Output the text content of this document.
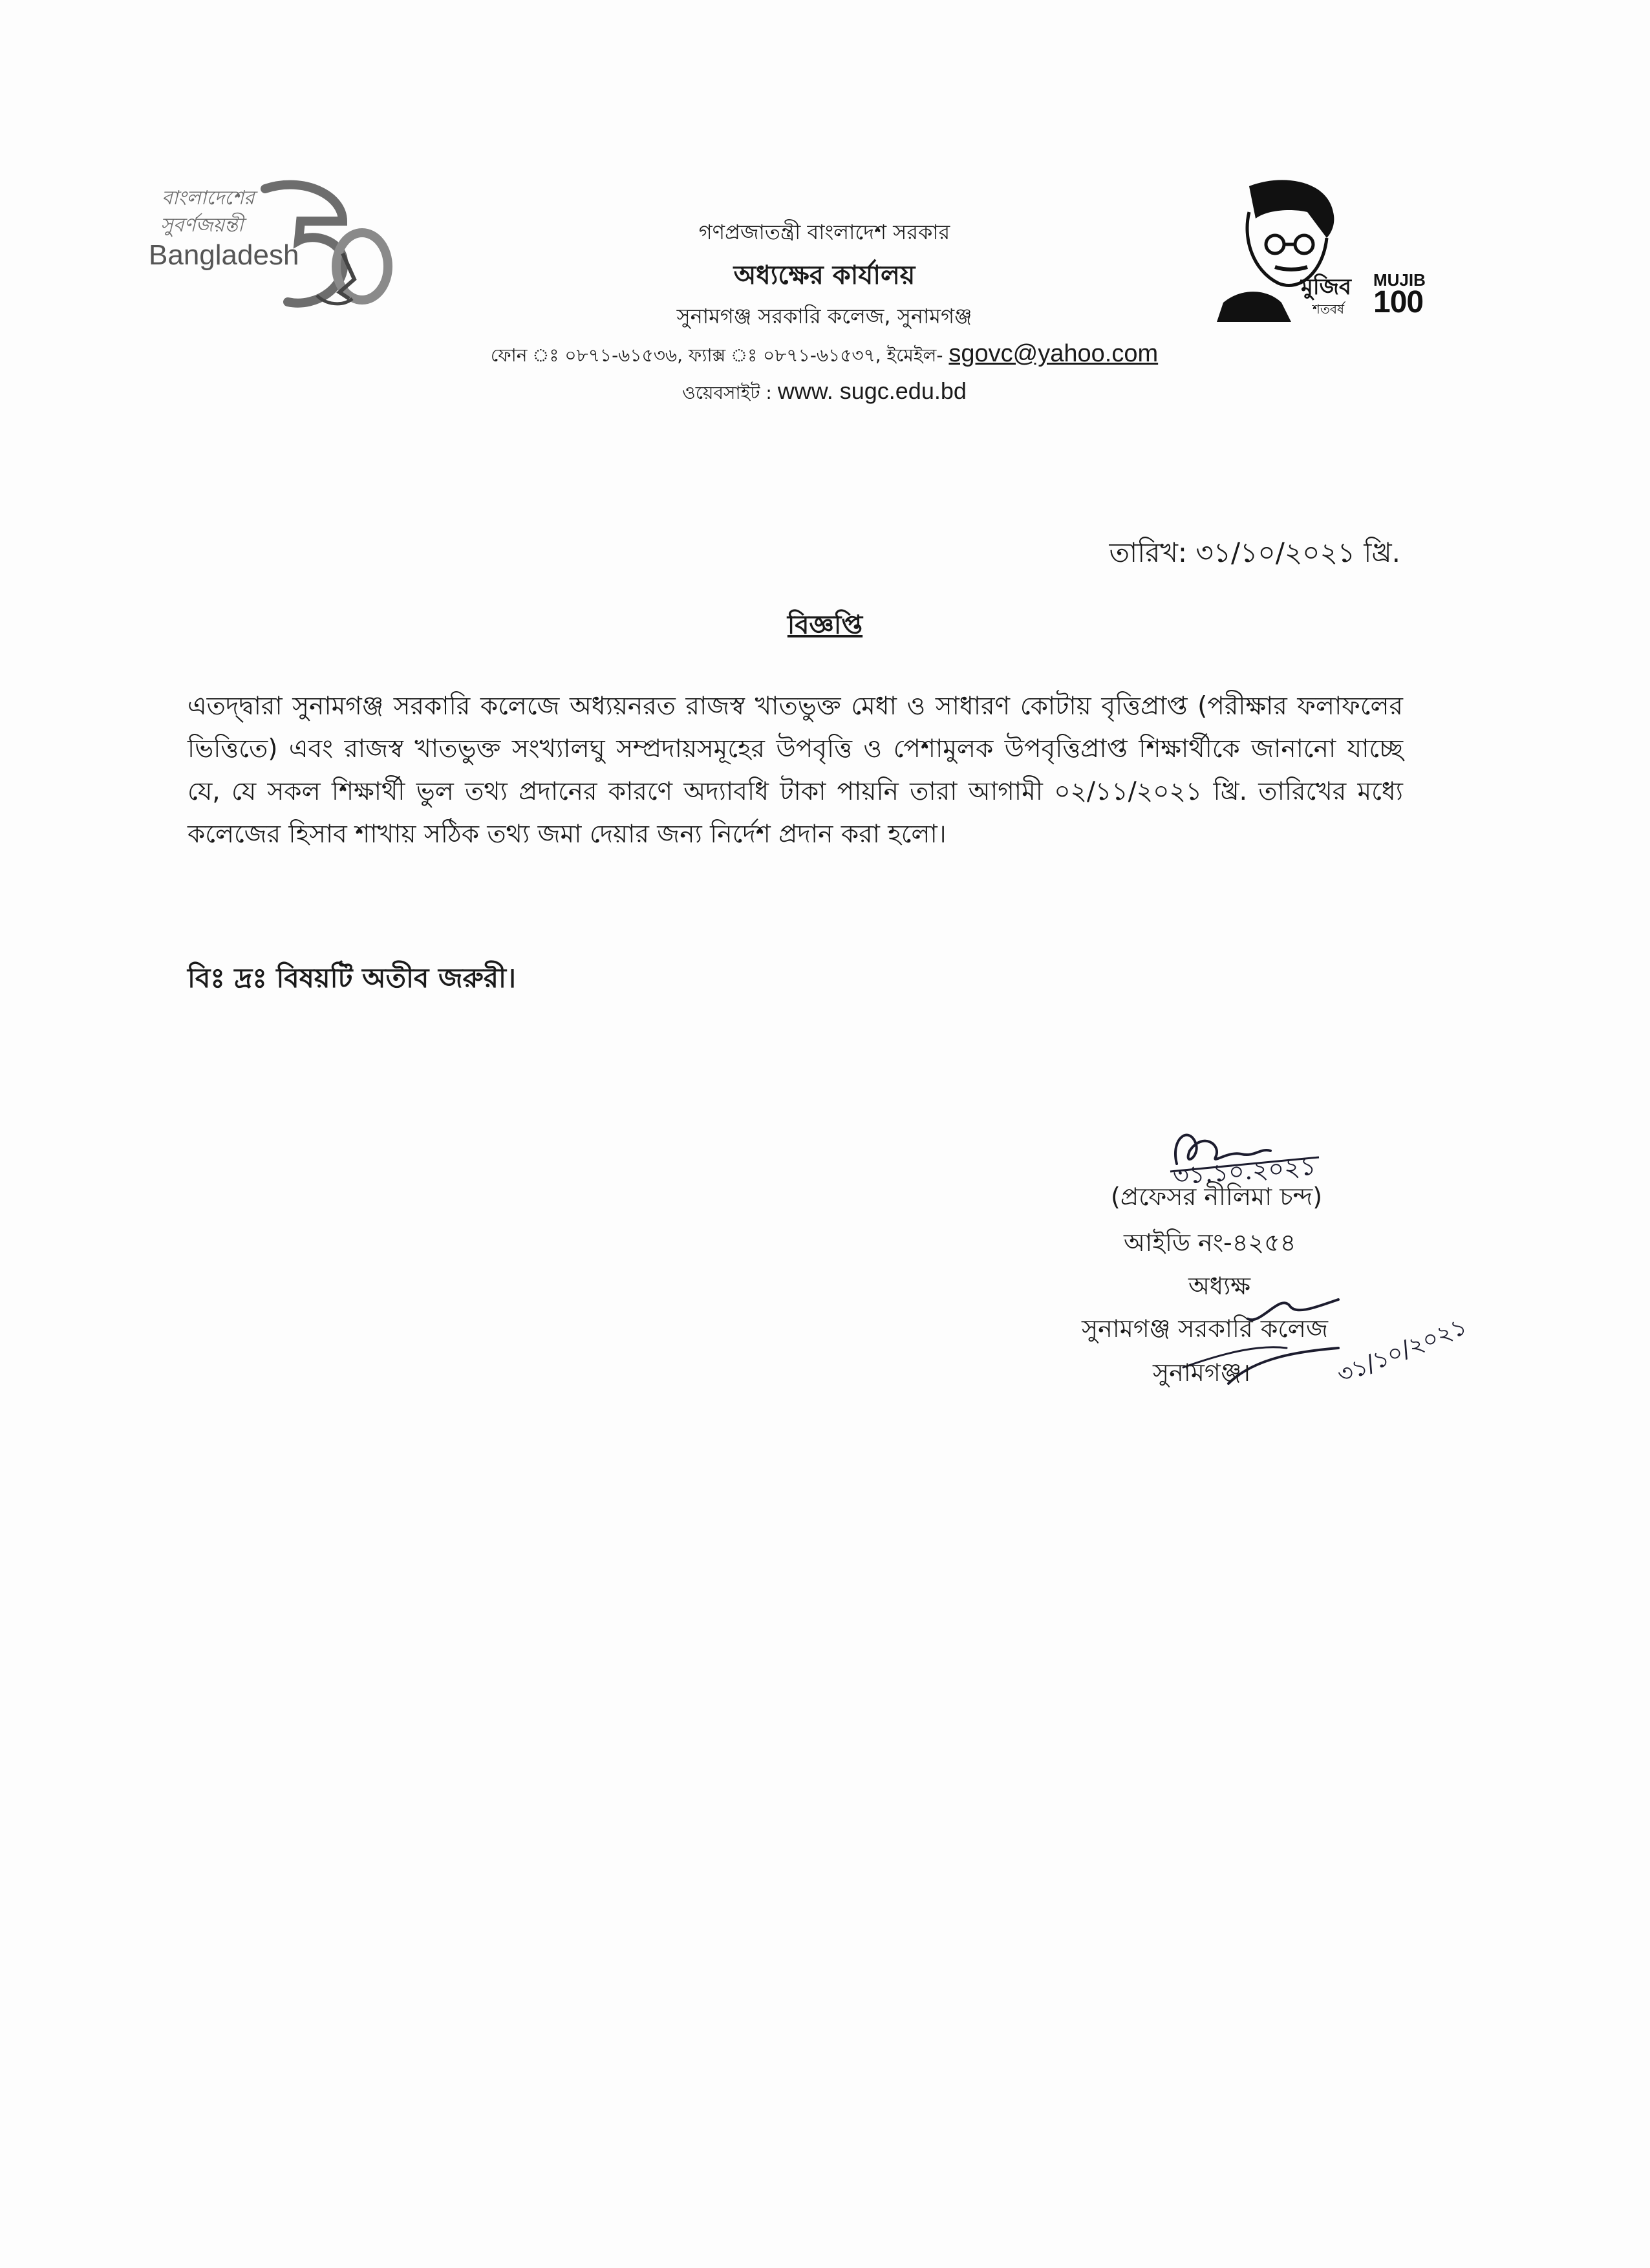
বাংলাদেশের
সুবর্ণজয়ন্তী
Bangladesh
মুজিব
শতবর্ষ
MUJIB
100
গণপ্রজাতন্ত্রী বাংলাদেশ সরকার
অধ্যক্ষের কার্যালয়
সুনামগঞ্জ সরকারি কলেজ, সুনামগঞ্জ
ফোন ঃ ০৮৭১-৬১৫৩৬, ফ্যাক্স ঃ ০৮৭১-৬১৫৩৭, ইমেইল- sgovc@yahoo.com
ওয়েবসাইট : www. sugc.edu.bd
তারিখ: ৩১/১০/২০২১ খ্রি.
বিজ্ঞপ্তি
এতদ্দ্বারা সুনামগঞ্জ সরকারি কলেজে অধ্যয়নরত রাজস্ব খাতভুক্ত মেধা ও সাধারণ কোটায় বৃত্তিপ্রাপ্ত (পরীক্ষার ফলাফলের ভিত্তিতে) এবং রাজস্ব খাতভুক্ত সংখ্যালঘু সম্প্রদায়সমূহের উপবৃত্তি ও পেশামুলক উপবৃত্তিপ্রাপ্ত শিক্ষার্থীকে জানানো যাচ্ছে যে, যে সকল শিক্ষার্থী ভুল তথ্য প্রদানের কারণে অদ্যাবধি টাকা পায়নি তারা আগামী ০২/১১/২০২১ খ্রি. তারিখের মধ্যে কলেজের হিসাব শাখায় সঠিক তথ্য জমা দেয়ার জন্য নির্দেশ প্রদান করা হলো।
বিঃ দ্রঃ বিষয়টি অতীব জরুরী।
৩১.১০.২০২১
৩১/১০/২০২১
(প্রফেসর নীলিমা চন্দ)
আইডি নং-৪২৫৪
অধ্যক্ষ
সুনামগঞ্জ সরকারি কলেজ
সুনামগঞ্জ।
